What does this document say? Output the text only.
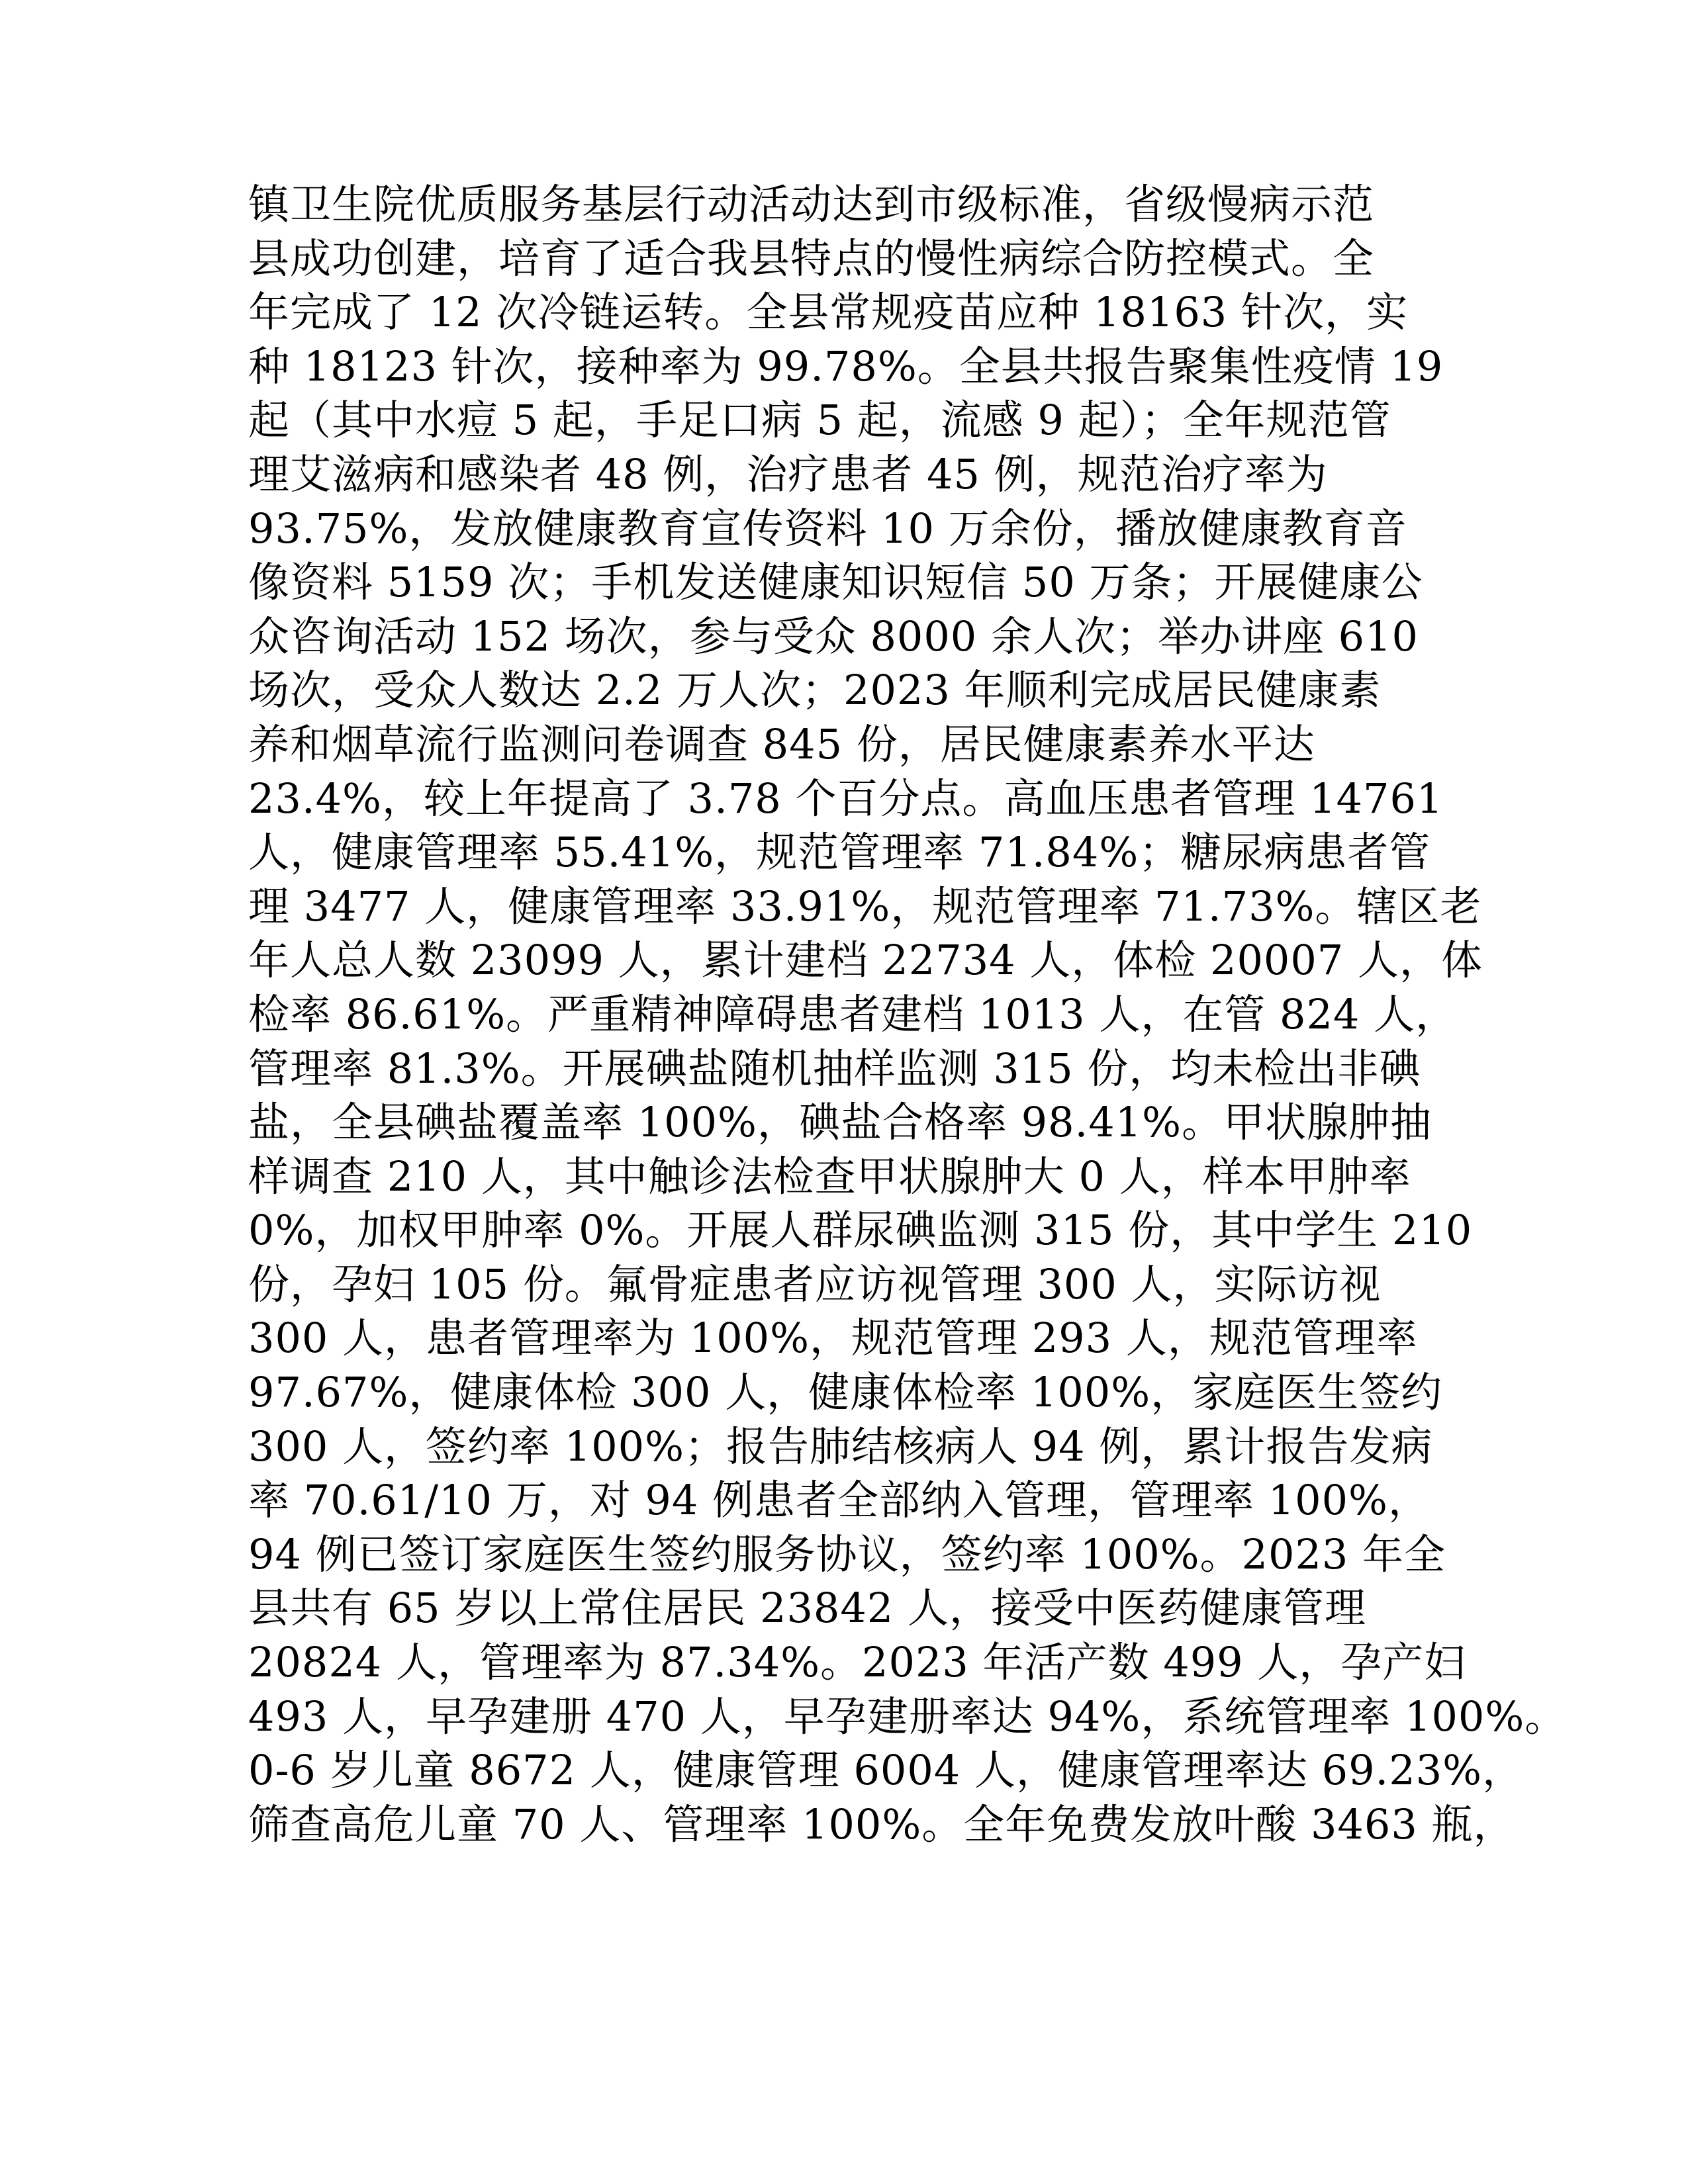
镇卫生院优质服务基层行动活动达到市级标准，省级慢病示范
县成功创建，培育了适合我县特点的慢性病综合防控模式。全
年完成了 12 次冷链运转。全县常规疫苗应种 18163 针次，实
种 18123 针次，接种率为 99.78%。全县共报告聚集性疫情 19
起（其中水痘 5 起，手足口病 5 起，流感 9 起）；全年规范管
理艾滋病和感染者 48 例，治疗患者 45 例，规范治疗率为
93.75%，发放健康教育宣传资料 10 万余份，播放健康教育音
像资料 5159 次；手机发送健康知识短信 50 万条；开展健康公
众咨询活动 152 场次，参与受众 8000 余人次；举办讲座 610
场次，受众人数达 2.2 万人次；2023 年顺利完成居民健康素
养和烟草流行监测问卷调查 845 份，居民健康素养水平达
23.4%，较上年提高了 3.78 个百分点。高血压患者管理 14761
人，健康管理率 55.41%，规范管理率 71.84%；糖尿病患者管
理 3477 人，健康管理率 33.91%，规范管理率 71.73%。辖区老
年人总人数 23099 人，累计建档 22734 人，体检 20007 人，体
检率 86.61%。严重精神障碍患者建档 1013 人，在管 824 人，
管理率 81.3%。开展碘盐随机抽样监测 315 份，均未检出非碘
盐，全县碘盐覆盖率 100%，碘盐合格率 98.41%。甲状腺肿抽
样调查 210 人，其中触诊法检查甲状腺肿大 0 人，样本甲肿率
0%，加权甲肿率 0%。开展人群尿碘监测 315 份，其中学生 210
份，孕妇 105 份。氟骨症患者应访视管理 300 人，实际访视
300 人，患者管理率为 100%，规范管理 293 人，规范管理率
97.67%，健康体检 300 人，健康体检率 100%，家庭医生签约
300 人，签约率 100%；报告肺结核病人 94 例，累计报告发病
率 70.61/10 万，对 94 例患者全部纳入管理，管理率 100%，
94 例已签订家庭医生签约服务协议，签约率 100%。2023 年全
县共有 65 岁以上常住居民 23842 人，接受中医药健康管理
20824 人，管理率为 87.34%。2023 年活产数 499 人，孕产妇
493 人，早孕建册 470 人，早孕建册率达 94%，系统管理率 100%。
0-6 岁儿童 8672 人，健康管理 6004 人，健康管理率达 69.23%，
筛查高危儿童 70 人、管理率 100%。全年免费发放叶酸 3463 瓶，
